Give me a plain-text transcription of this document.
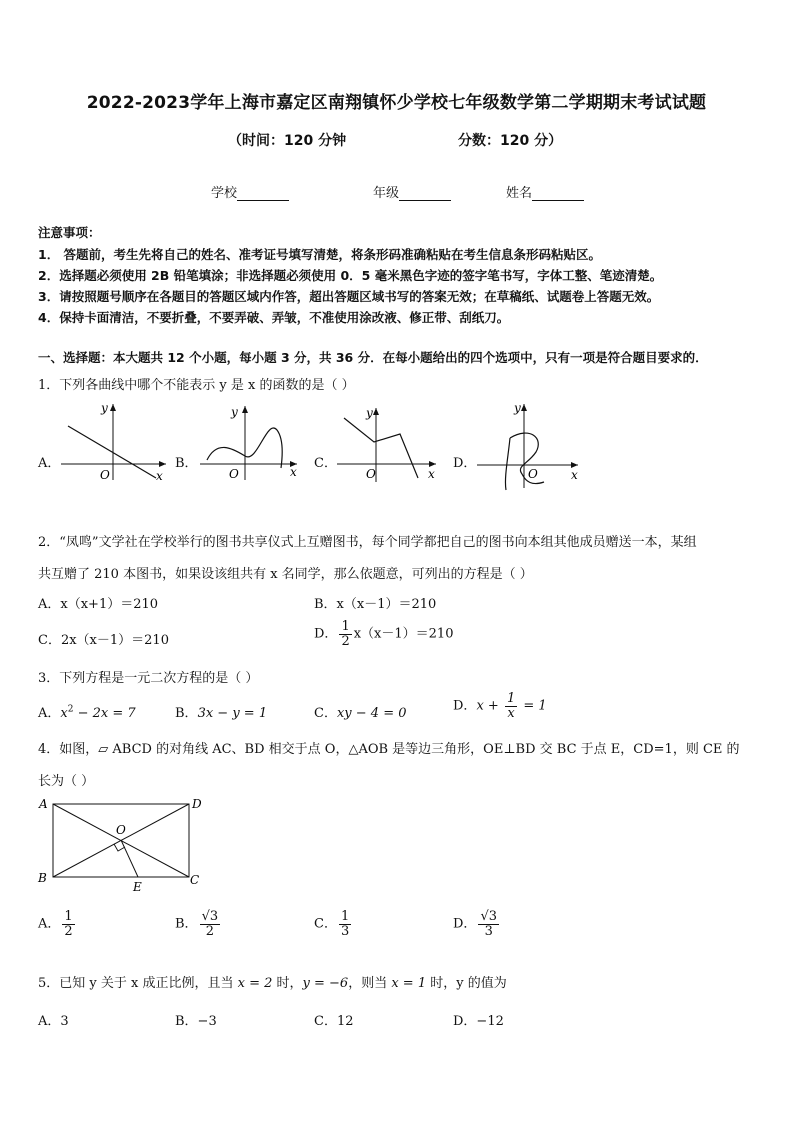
2022-2023学年上海市嘉定区南翔镇怀少学校七年级数学第二学期期末考试试题
（时间：120 分钟	分数：120 分）
学校	年级	姓名
注意事项：
1． 答题前，考生先将自己的姓名、准考证号填写清楚，将条形码准确粘贴在考生信息条形码粘贴区。
2．选择题必须使用 2B 铅笔填涂；非选择题必须使用 0．5 毫米黑色字迹的签字笔书写，字体工整、笔迹清楚。
3．请按照题号顺序在各题目的答题区域内作答，超出答题区域书写的答案无效；在草稿纸、试题卷上答题无效。
4．保持卡面清洁，不要折叠，不要弄破、弄皱，不准使用涂改液、修正带、刮纸刀。
一、选择题：本大题共 12 个小题，每小题 3 分，共 36 分．在每小题给出的四个选项中，只有一项是符合题目要求的．
1．下列各曲线中哪个不能表示 y 是 x 的函数的是（ ）
A．	B．	C．	D．
y
O	x
y
O	x
y
O	x
y
O	x
2．“凤鸣”文学社在学校举行的图书共享仪式上互赠图书，每个同学都把自己的图书向本组其他成员赠送一本，某组
共互赠了 210 本图书，如果设该组共有 x 名同学，那么依题意，可列出的方程是（ ）
A．x（x+1）＝210	B．x（x－1）＝210
C．2x（x－1）＝210	D． $\frac{1}{2} x(x-1)=210$
3．下列方程是一元二次方程的是（ ）
A．$x^2 - 2x = 7$	B．3x − y = 1	C．xy − 4 = 0	D．$x + \frac{1}{x} = 1$
4．如图，▱ ABCD 的对角线 AC、BD 相交于点 O，△AOB 是等边三角形，OE⊥BD 交 BC 于点 E，CD=1，则 CE 的
长为（ ）
A	D
B	C
O
E
A． $\frac{1}{2}$	B． $\frac{√3}{2}$	C． $\frac{1}{3}$	D． $\frac{√3}{3}$
5．已知 y 关于 x 成正比例，且当 x = 2 时，y = −6，则当 x = 1 时，y 的值为
A．3	B．−3	C．12	D．−12
